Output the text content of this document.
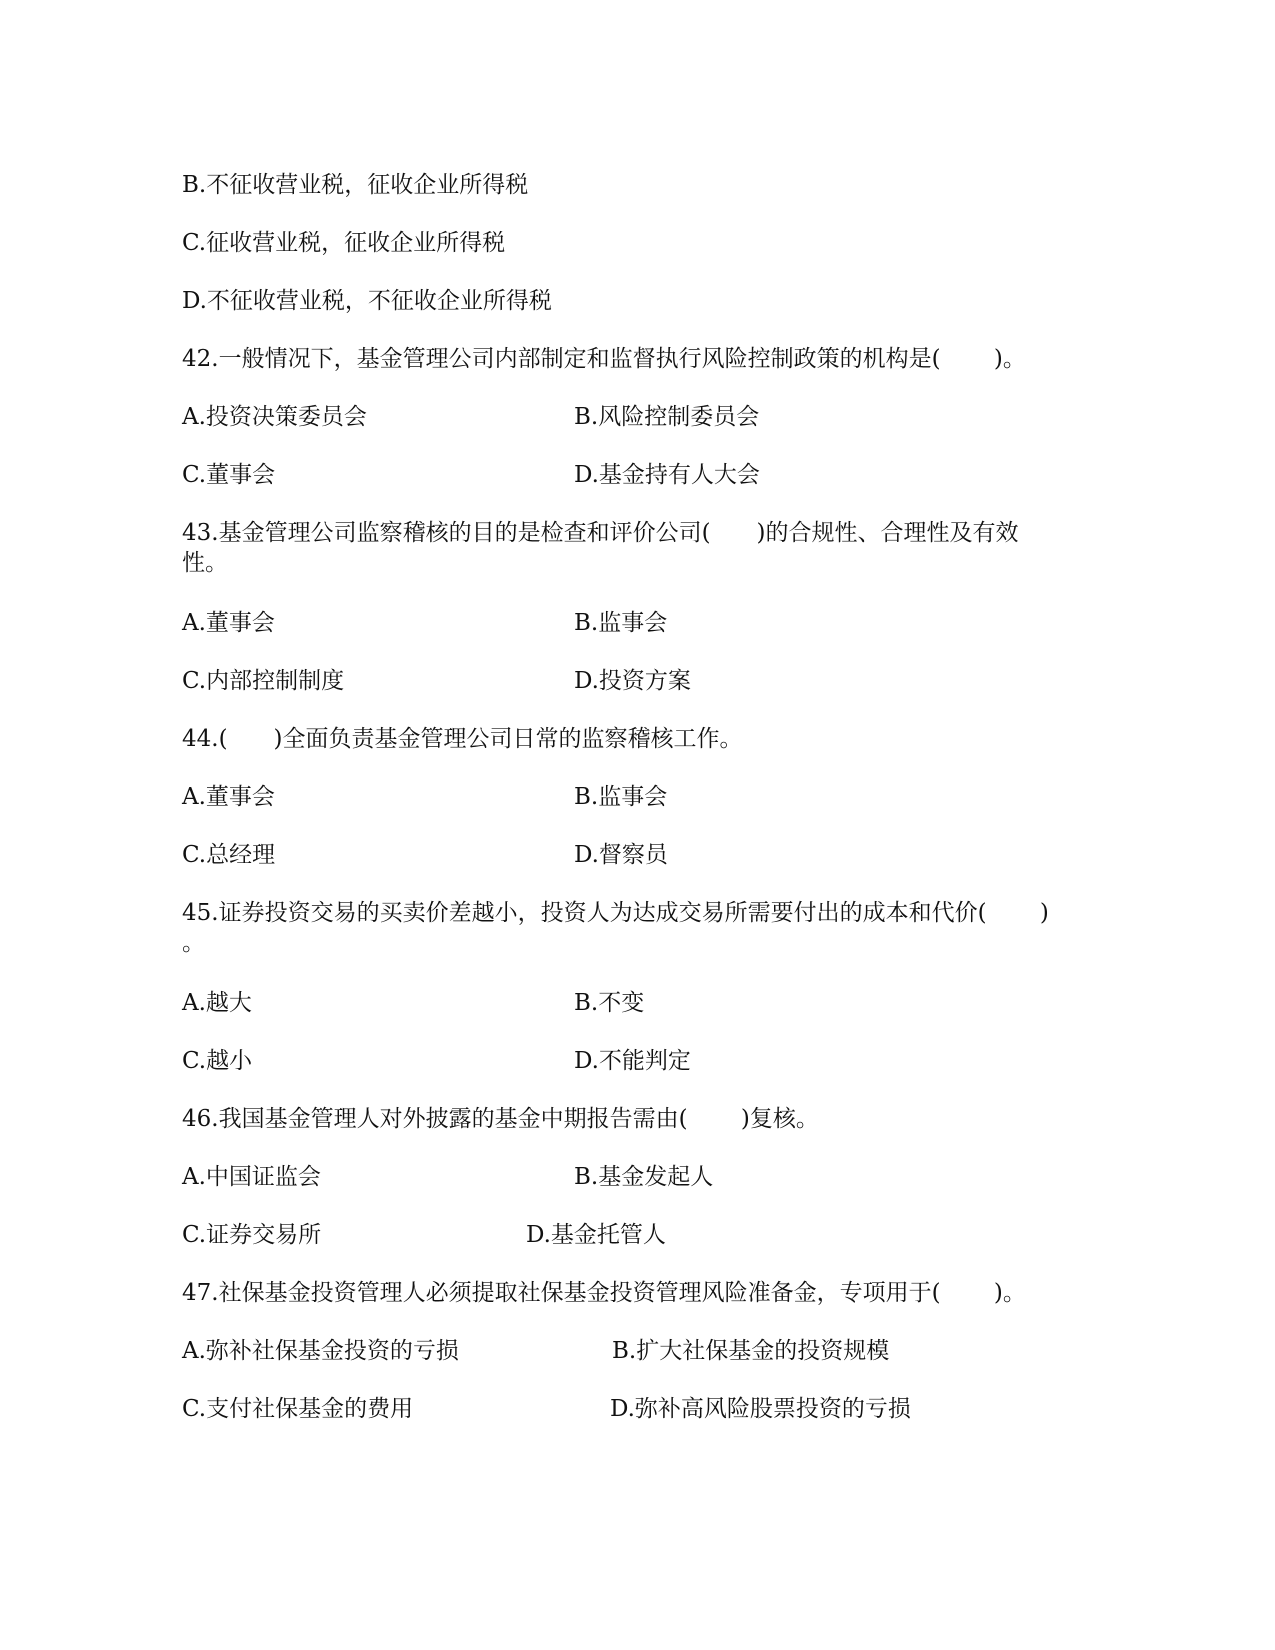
B.不征收营业税，征收企业所得税
C.征收营业税，征收企业所得税
D.不征收营业税，不征收企业所得税
42.一般情况下，基金管理公司内部制定和监督执行风险控制政策的机构是(　　 )。
A.投资决策委员会	B.风险控制委员会
C.董事会	D.基金持有人大会
43.基金管理公司监察稽核的目的是检查和评价公司(　　)的合规性、合理性及有效性。
A.董事会	B.监事会
C.内部控制制度	D.投资方案
44.(　　)全面负责基金管理公司日常的监察稽核工作。
A.董事会	B.监事会
C.总经理	D.督察员
45.证券投资交易的买卖价差越小，投资人为达成交易所需要付出的成本和代价(　　 )
。
A.越大	B.不变
C.越小	D.不能判定
46.我国基金管理人对外披露的基金中期报告需由(　　 )复核。
A.中国证监会	B.基金发起人
C.证券交易所	D.基金托管人
47.社保基金投资管理人必须提取社保基金投资管理风险准备金，专项用于(　　 )。
A.弥补社保基金投资的亏损	B.扩大社保基金的投资规模
C.支付社保基金的费用	D.弥补高风险股票投资的亏损
